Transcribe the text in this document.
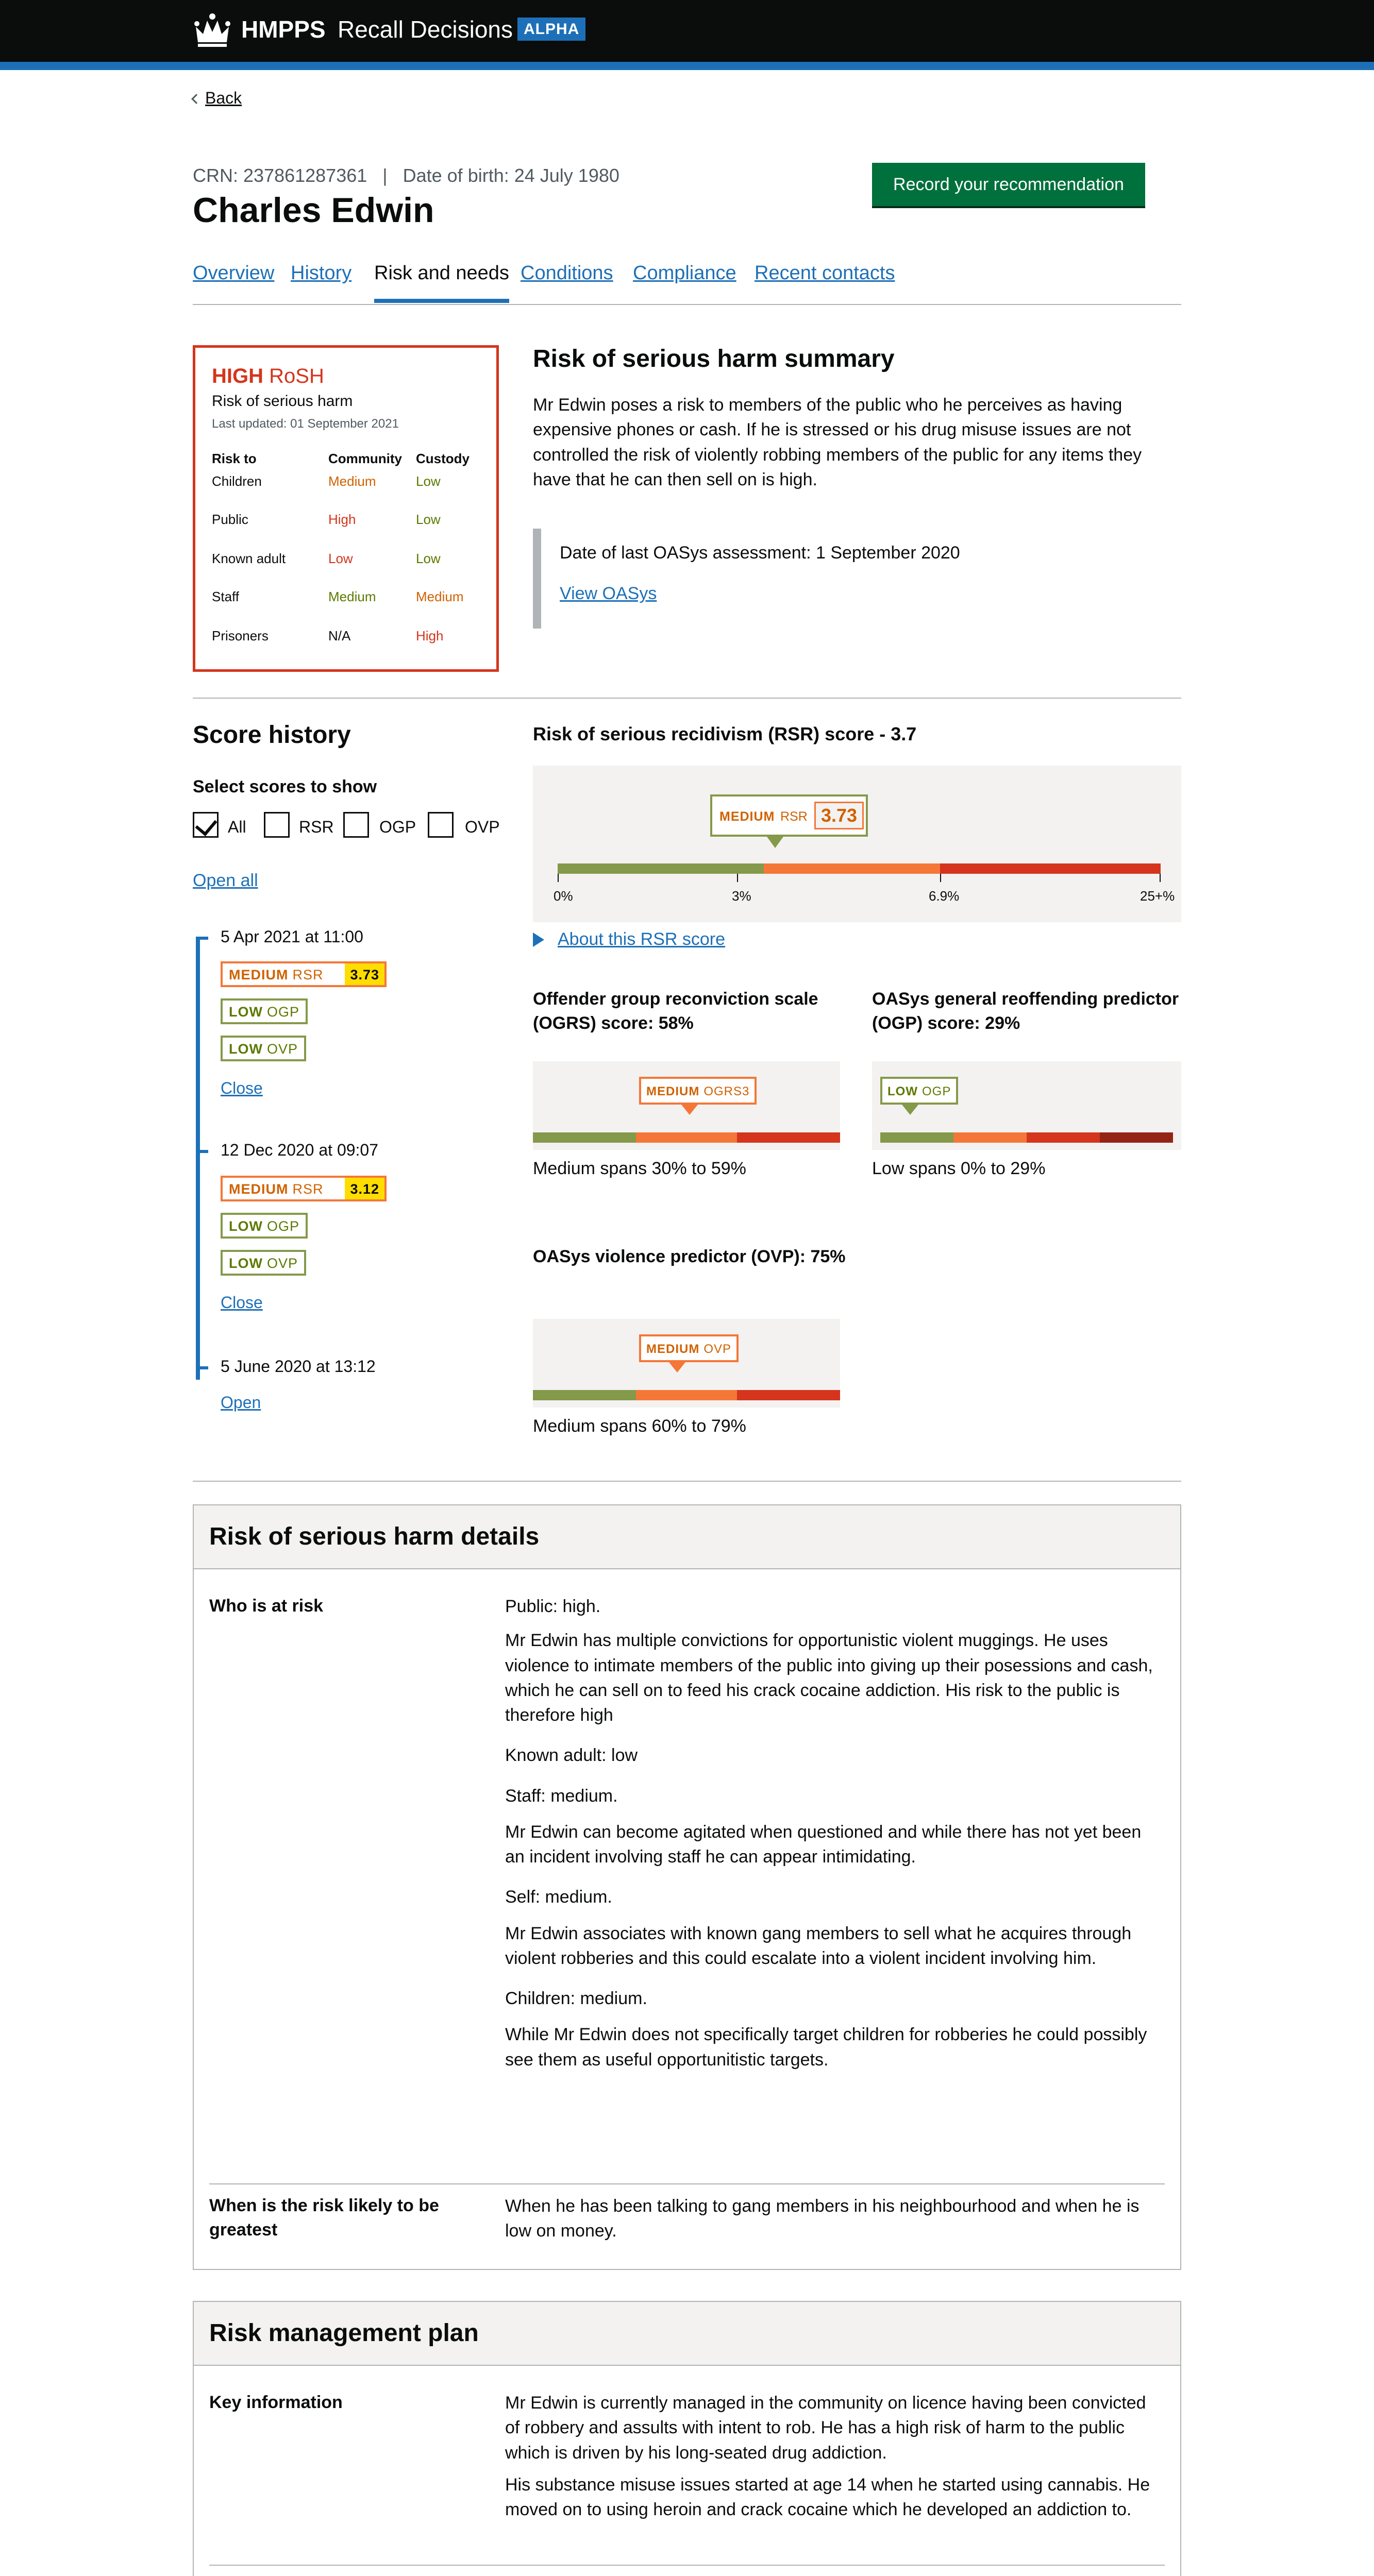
HMPPS Recall Decisions ALPHA
Back
CRN: 237861287361   |   Date of birth: 24 July 1980
Charles Edwin
Record your recommendation
Overview History Risk and needs Conditions Compliance Recent contacts
HIGH RoSH
Risk of serious harm
Last updated: 01 September 2021
Risk to	Community Custody
Children	Medium	Low
Public	High	Low
Known adult	Low	Low
Staff	Medium	Medium
Prisoners	N/A	High
Risk of serious harm summary

Mr Edwin poses a risk to members of the public who he perceives as having expensive phones or cash. If he is stressed or his drug misuse issues are not controlled the risk of violently robbing members of the public for any items they have that he can then sell on is high.

Date of last OASys assessment: 1 September 2020
View OASys
Score history
Select scores to show
All	RSR	OGP	OVP
Open all
5 Apr 2021 at 11:00
MEDIUM RSR	3.73
LOW OGP
LOW OVP
Close
12 Dec 2020 at 09:07
MEDIUM RSR	3.12
LOW OGP
LOW OVP
Close
5 June 2020 at 13:12
Open
Risk of serious recidivism (RSR) score - 3.7
0%	3%	6.9%	25+%
MEDIUM RSR 3.73
About this RSR score
Offender group reconviction scale (OGRS) score: 58%
MEDIUM OGRS3

Medium spans 30% to 59%

OASys general reoffending predictor (OGP) score: 29%
LOW OGP

Low spans 0% to 29%

OASys violence predictor (OVP): 75%
MEDIUM OVP

Medium spans 60% to 79%

Risk of serious harm details
Who is at risk	Public: high.

Mr Edwin has multiple convictions for opportunistic violent muggings. He uses violence to intimate members of the public into giving up their posessions and cash, which he can sell on to feed his crack cocaine addiction. His risk to the public is therefore high

Known adult: low

Staff: medium.

Mr Edwin can become agitated when questioned and while there has not yet been an incident involving staff he can appear intimidating.

Self: medium.

Mr Edwin associates with known gang members to sell what he acquires through violent robberies and this could escalate into a violent incident involving him.

Children: medium.

While Mr Edwin does not specifically target children for robberies he could possibly see them as useful opportunitistic targets.

When is the risk likely to be greatest
When he has been talking to gang members in his neighbourhood and when he is low on money.
Risk management plan
Key information	Mr Edwin is currently managed in the community on licence having been convicted of robbery and assults with intent to rob. He has a high risk of harm to the public which is driven by his long-seated drug addiction.

His substance misuse issues started at age 14 when he started using cannabis. He moved on to using heroin and crack cocaine which he developed an addiction to.
